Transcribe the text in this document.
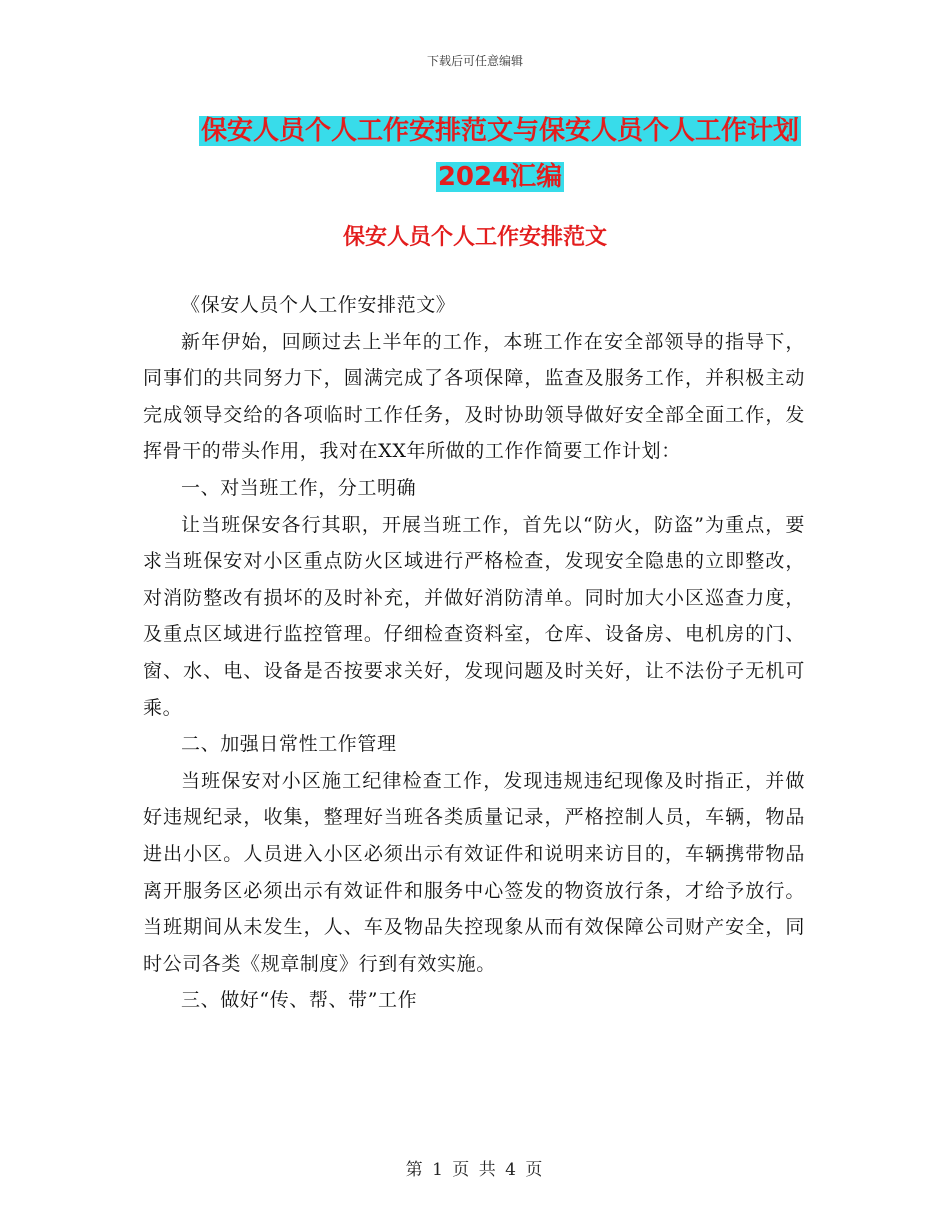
下载后可任意编辑
保安人员个人工作安排范文与保安人员个人工作计划
2024汇编
保安人员个人工作安排范文

《保安人员个人工作安排范文》

新年伊始，回顾过去上半年的工作，本班工作在安全部领导的指导下，同事们的共同努力下，圆满完成了各项保障，监查及服务工作，并积极主动完成领导交给的各项临时工作任务，及时协助领导做好安全部全面工作，发挥骨干的带头作用，我对在XX年所做的工作作简要工作计划：

一、对当班工作，分工明确

让当班保安各行其职，开展当班工作，首先以“防火，防盗”为重点，要求当班保安对小区重点防火区域进行严格检查，发现安全隐患的立即整改，对消防整改有损坏的及时补充，并做好消防清单。同时加大小区巡查力度，及重点区域进行监控管理。仔细检查资料室，仓库、设备房、电机房的门、窗、水、电、设备是否按要求关好，发现问题及时关好，让不法份子无机可乘。

二、加强日常性工作管理

当班保安对小区施工纪律检查工作，发现违规违纪现像及时指正，并做好违规纪录，收集，整理好当班各类质量记录，严格控制人员，车辆，物品进出小区。人员进入小区必须出示有效证件和说明来访目的，车辆携带物品离开服务区必须出示有效证件和服务中心签发的物资放行条，才给予放行。当班期间从未发生，人、车及物品失控现象从而有效保障公司财产安全，同时公司各类《规章制度》行到有效实施。

三、做好“传、帮、带”工作

第 1 页 共 4 页
